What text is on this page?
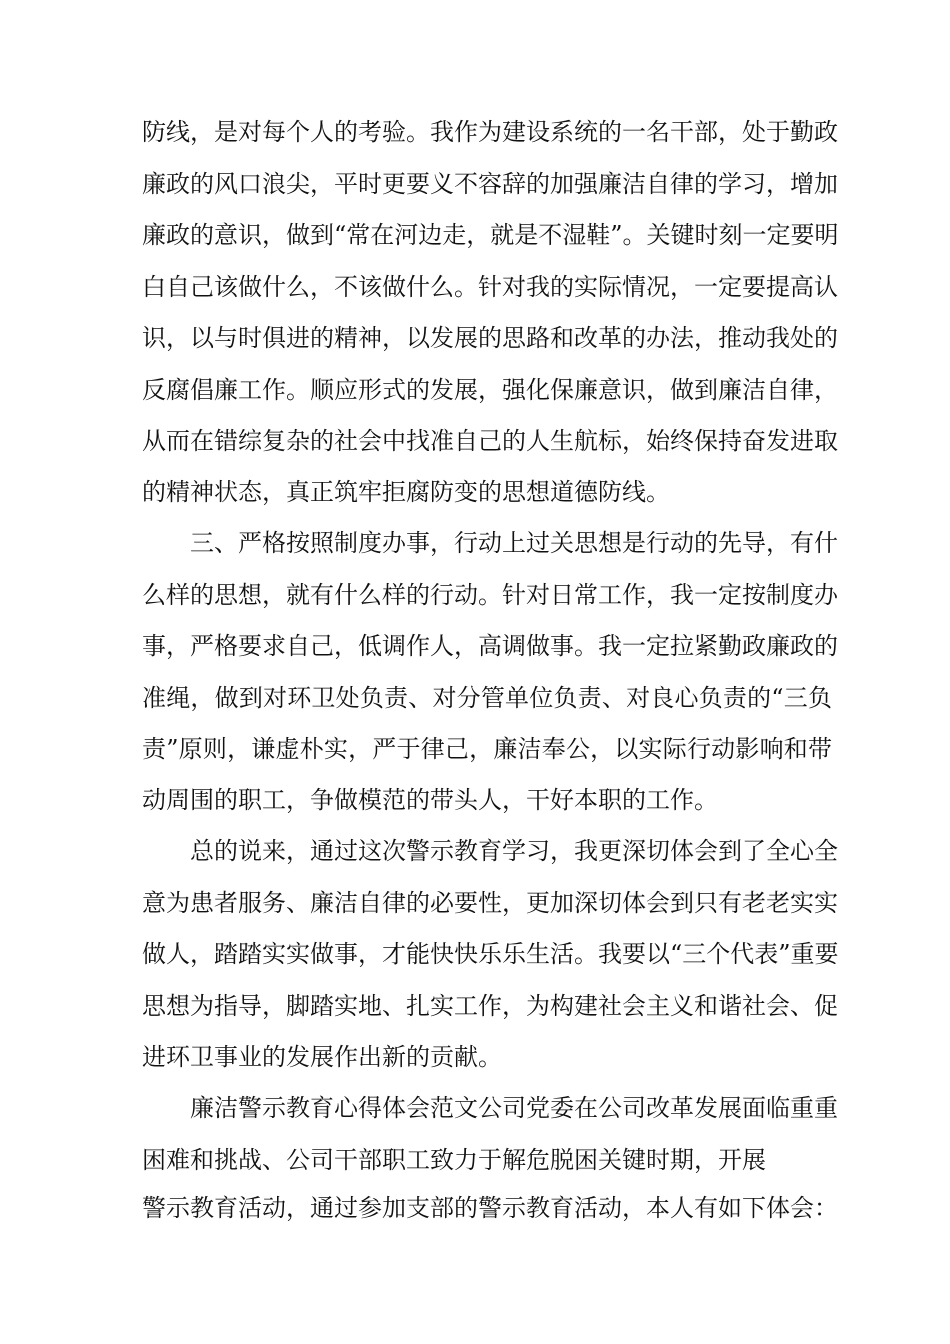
防线，是对每个人的考验。我作为建设系统的一名干部，处于勤政
廉政的风口浪尖，平时更要义不容辞的加强廉洁自律的学习，增加
廉政的意识，做到“常在河边走，就是不湿鞋”。关键时刻一定要明
白自己该做什么，不该做什么。针对我的实际情况，一定要提高认
识，以与时俱进的精神，以发展的思路和改革的办法，推动我处的
反腐倡廉工作。顺应形式的发展，强化保廉意识，做到廉洁自律，
从而在错综复杂的社会中找准自己的人生航标，始终保持奋发进取
的精神状态，真正筑牢拒腐防变的思想道德防线。
三、严格按照制度办事，行动上过关思想是行动的先导，有什
么样的思想，就有什么样的行动。针对日常工作，我一定按制度办
事，严格要求自己，低调作人，高调做事。我一定拉紧勤政廉政的
准绳，做到对环卫处负责、对分管单位负责、对良心负责的“三负
责”原则，谦虚朴实，严于律己，廉洁奉公，以实际行动影响和带
动周围的职工，争做模范的带头人，干好本职的工作。
总的说来，通过这次警示教育学习，我更深切体会到了全心全
意为患者服务、廉洁自律的必要性，更加深切体会到只有老老实实
做人，踏踏实实做事，才能快快乐乐生活。我要以“三个代表”重要
思想为指导，脚踏实地、扎实工作，为构建社会主义和谐社会、促
进环卫事业的发展作出新的贡献。
廉洁警示教育心得体会范文公司党委在公司改革发展面临重重
困难和挑战、公司干部职工致力于解危脱困关键时期，开展
警示教育活动，通过参加支部的警示教育活动，本人有如下体会：
